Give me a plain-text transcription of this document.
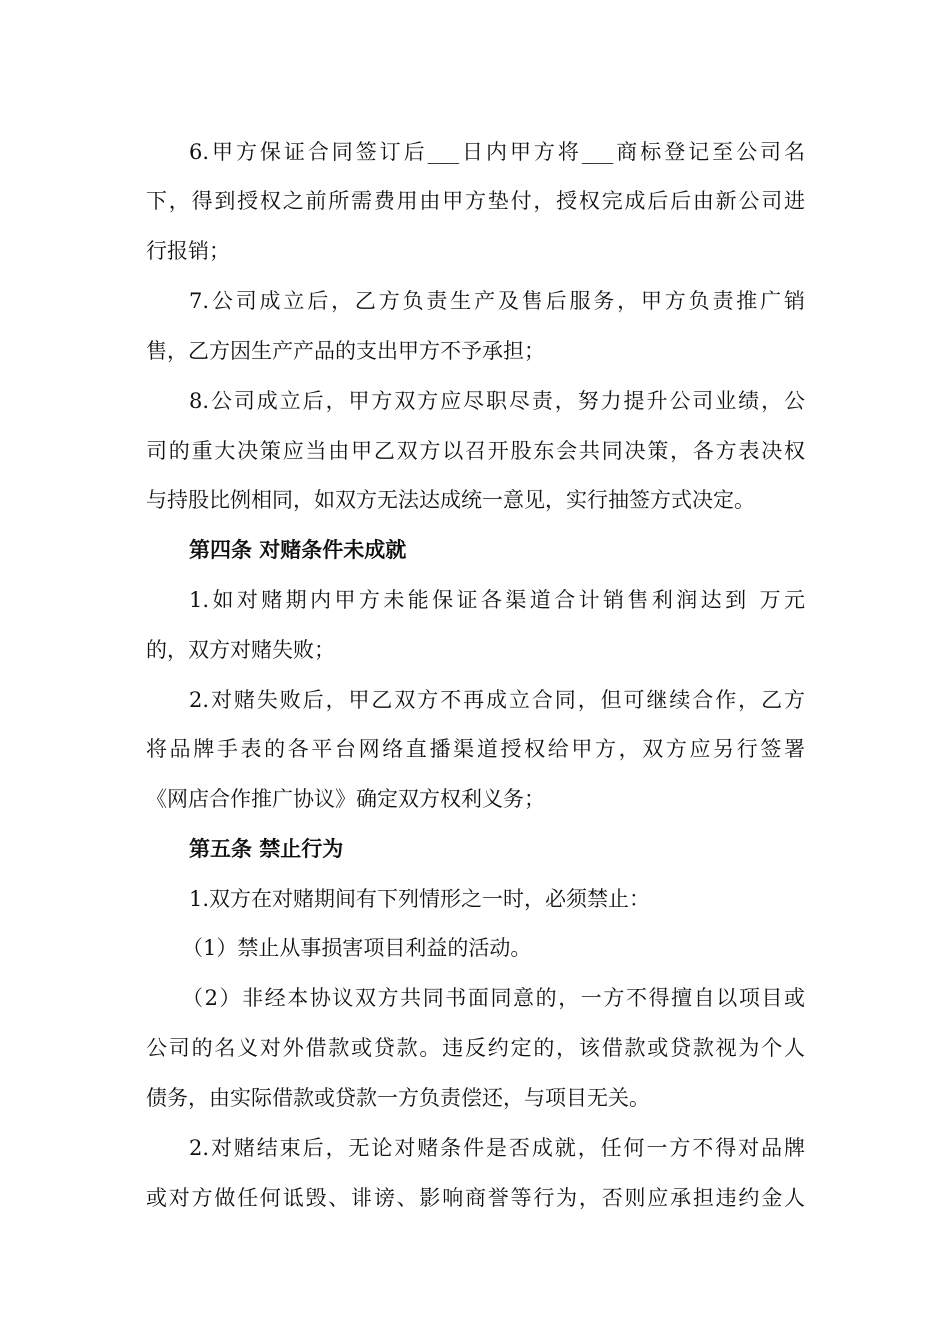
6.甲方保证合同签订后___日内甲方将___商标登记至公司名
下，得到授权之前所需费用由甲方垫付，授权完成后后由新公司进
行报销；
7.公司成立后，乙方负责生产及售后服务，甲方负责推广销
售，乙方因生产产品的支出甲方不予承担；
8.公司成立后，甲方双方应尽职尽责，努力提升公司业绩，公
司的重大决策应当由甲乙双方以召开股东会共同决策，各方表决权
与持股比例相同，如双方无法达成统一意见，实行抽签方式决定。
第四条 对赌条件未成就
1.如对赌期内甲方未能保证各渠道合计销售利润达到 万元
的，双方对赌失败；
2.对赌失败后，甲乙双方不再成立合同，但可继续合作，乙方
将品牌手表的各平台网络直播渠道授权给甲方，双方应另行签署
《网店合作推广协议》确定双方权利义务；
第五条 禁止行为
1.双方在对赌期间有下列情形之一时，必须禁止：
（1）禁止从事损害项目利益的活动。
（2）非经本协议双方共同书面同意的，一方不得擅自以项目或
公司的名义对外借款或贷款。违反约定的，该借款或贷款视为个人
债务，由实际借款或贷款一方负责偿还，与项目无关。
2.对赌结束后，无论对赌条件是否成就，任何一方不得对品牌
或对方做任何诋毁、诽谤、影响商誉等行为，否则应承担违约金人
